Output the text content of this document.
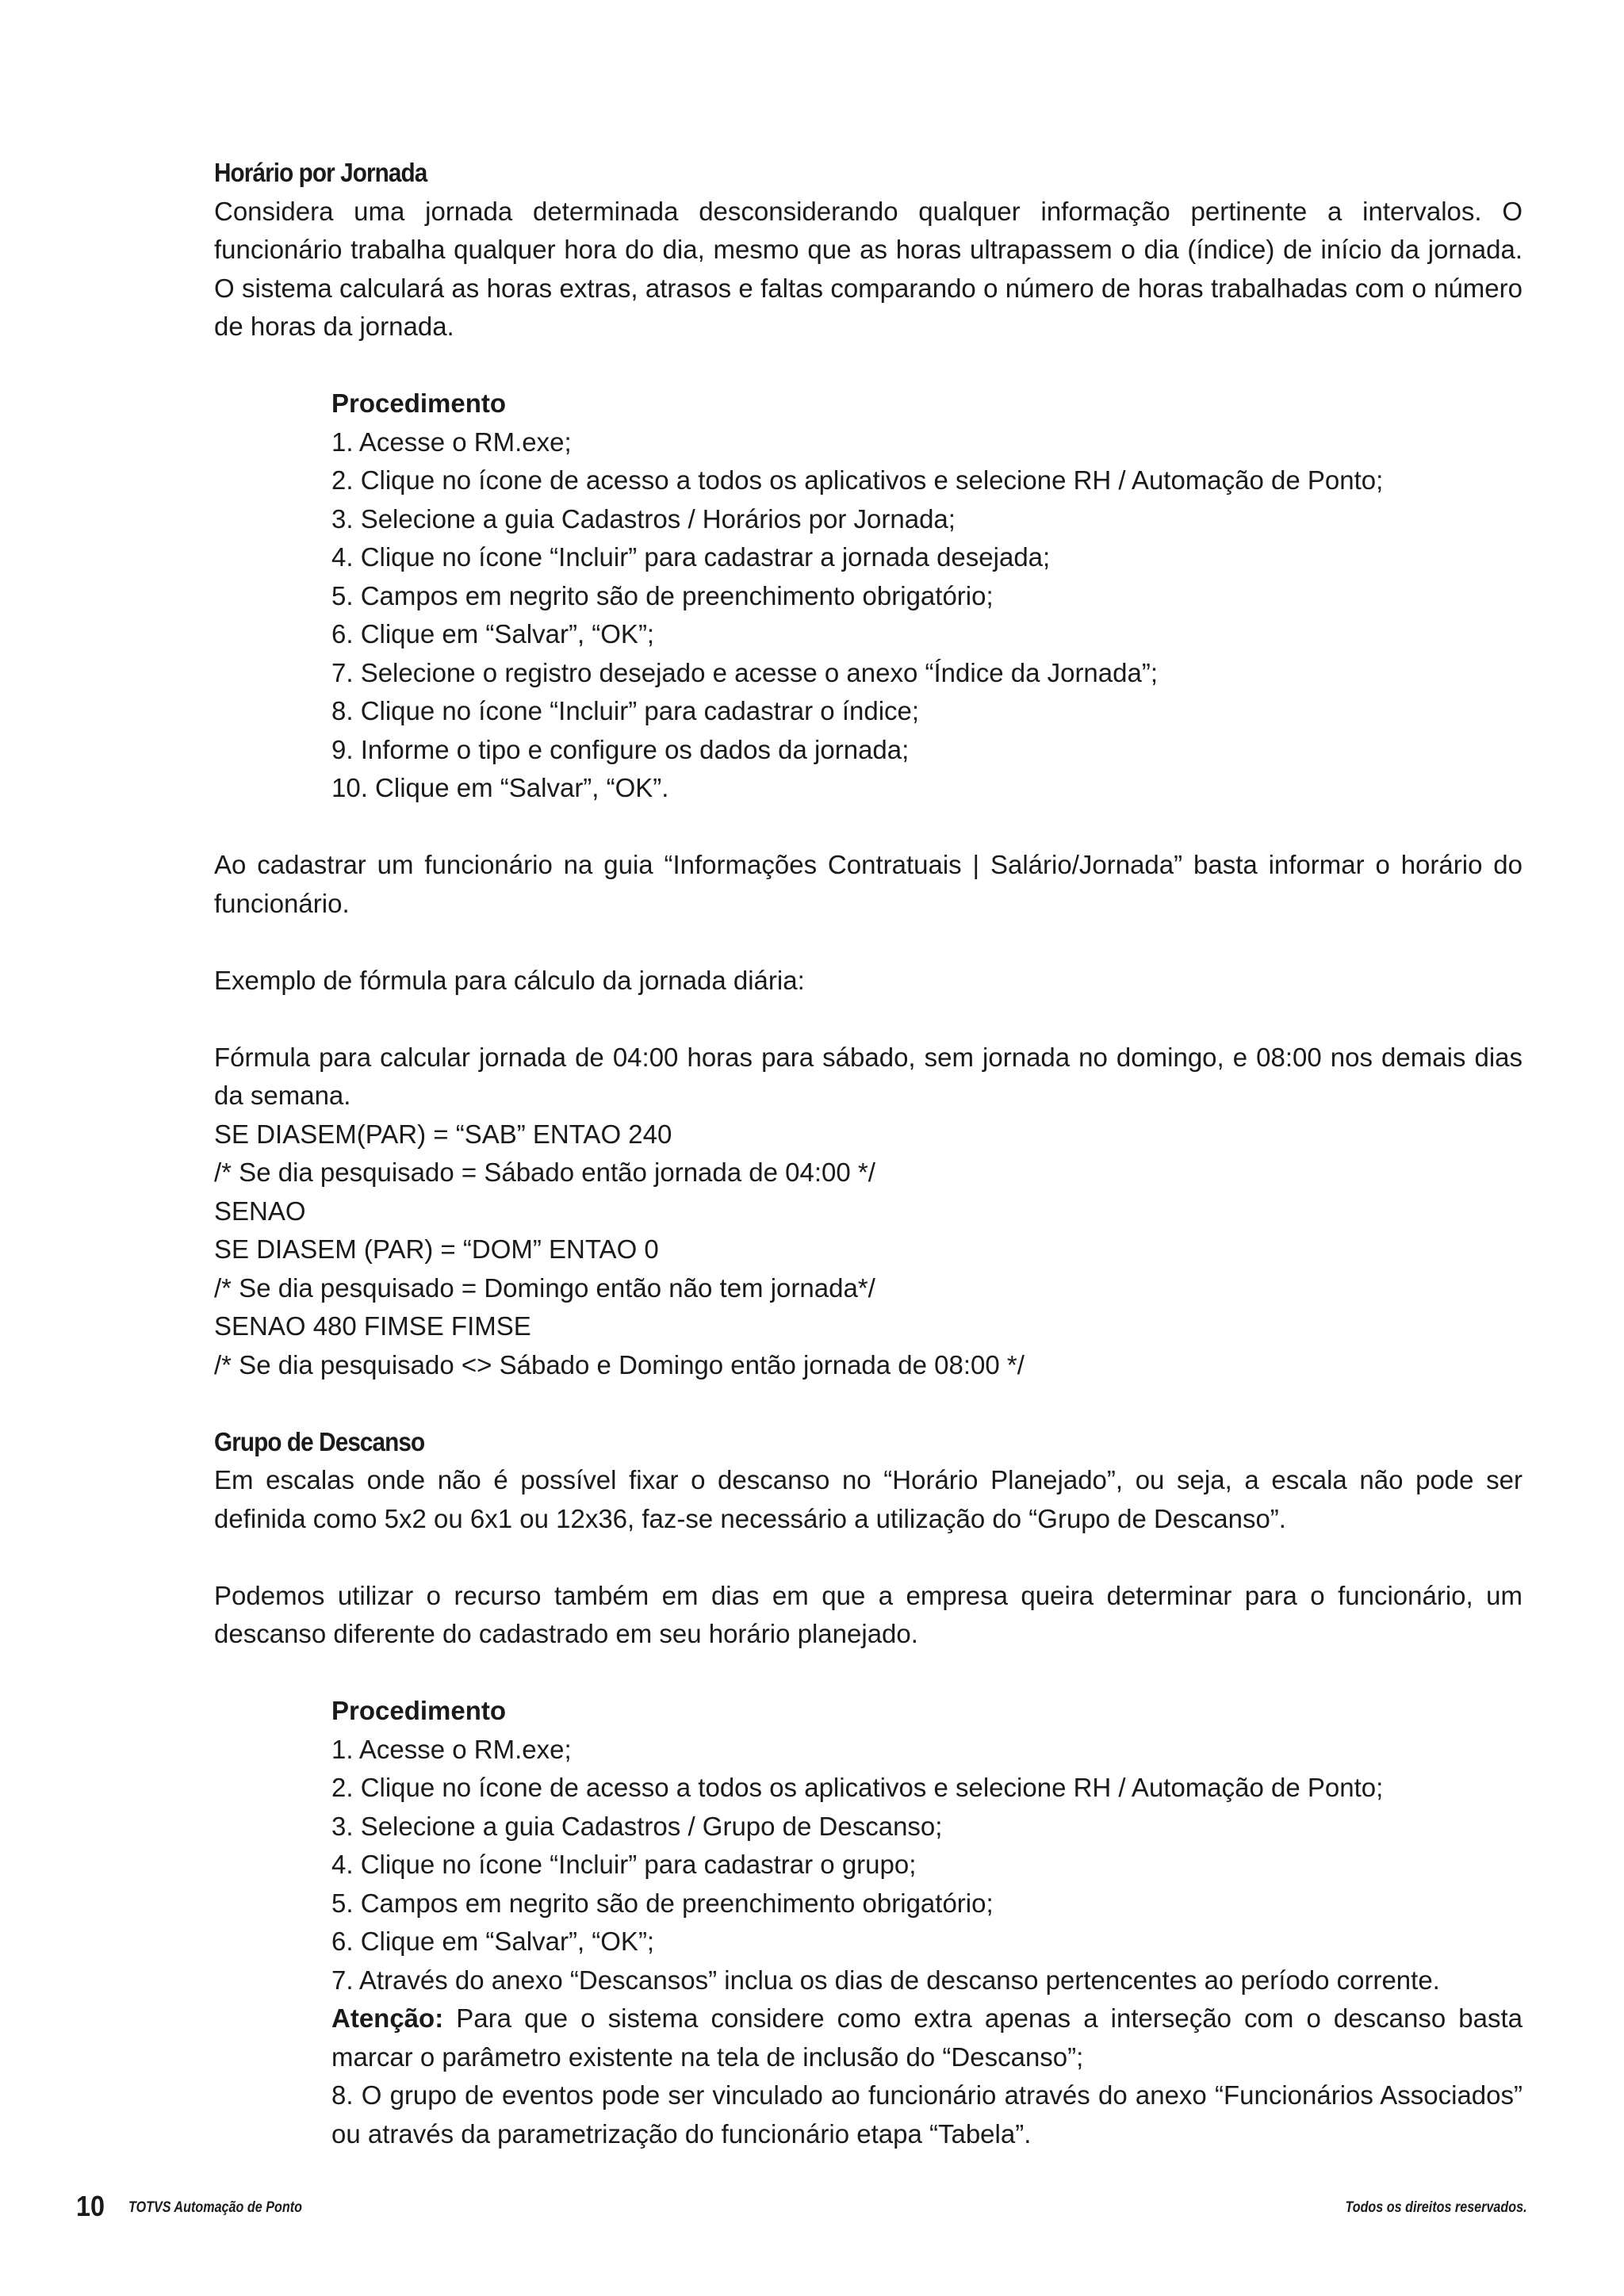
Horário por Jornada

Considera uma jornada determinada desconsiderando qualquer informação pertinente a intervalos. O funcionário trabalha qualquer hora do dia, mesmo que as horas ultrapassem o dia (índice) de início da jornada. O sistema calculará as horas extras, atrasos e faltas comparando o número de horas trabalhadas com o número de horas da jornada.

Procedimento
1. Acesse o RM.exe;
2. Clique no ícone de acesso a todos os aplicativos e selecione RH / Automação de Ponto;
3. Selecione a guia Cadastros / Horários por Jornada;
4. Clique no ícone “Incluir” para cadastrar a jornada desejada;
5. Campos em negrito são de preenchimento obrigatório;
6. Clique em “Salvar”, “OK”;
7. Selecione o registro desejado e acesse o anexo “Índice da Jornada”;
8. Clique no ícone “Incluir” para cadastrar o índice;
9. Informe o tipo e configure os dados da jornada;
10. Clique em “Salvar”, “OK”.

Ao cadastrar um funcionário na guia “Informações Contratuais | Salário/Jornada” basta informar o horário do funcionário.

Exemplo de fórmula para cálculo da jornada diária:

Fórmula para calcular jornada de 04:00 horas para sábado, sem jornada no domingo, e 08:00 nos demais dias da semana.

SE DIASEM(PAR) = “SAB” ENTAO 240
/* Se dia pesquisado = Sábado então jornada de 04:00 */
SENAO
SE DIASEM (PAR) = “DOM” ENTAO 0
/* Se dia pesquisado = Domingo então não tem jornada*/
SENAO 480 FIMSE FIMSE
/* Se dia pesquisado <> Sábado e Domingo então jornada de 08:00 */
Grupo de Descanso

Em escalas onde não é possível fixar o descanso no “Horário Planejado”, ou seja, a escala não pode ser definida como 5x2 ou 6x1 ou 12x36, faz-se necessário a utilização do “Grupo de Descanso”.

Podemos utilizar o recurso também em dias em que a empresa queira determinar para o funcionário, um descanso diferente do cadastrado em seu horário planejado.

Procedimento
1. Acesse o RM.exe;
2. Clique no ícone de acesso a todos os aplicativos e selecione RH / Automação de Ponto;
3. Selecione a guia Cadastros / Grupo de Descanso;
4. Clique no ícone “Incluir” para cadastrar o grupo;
5. Campos em negrito são de preenchimento obrigatório;
6. Clique em “Salvar”, “OK”;
7. Através do anexo “Descansos” inclua os dias de descanso pertencentes ao período corrente.

Atenção: Para que o sistema considere como extra apenas a interseção com o descanso basta marcar o parâmetro existente na tela de inclusão do “Descanso”;

8. O grupo de eventos pode ser vinculado ao funcionário através do anexo “Funcionários Associados” ou através da parametrização do funcionário etapa “Tabela”.

10 TOTVS Automação de Ponto	Todos os direitos reservados.
